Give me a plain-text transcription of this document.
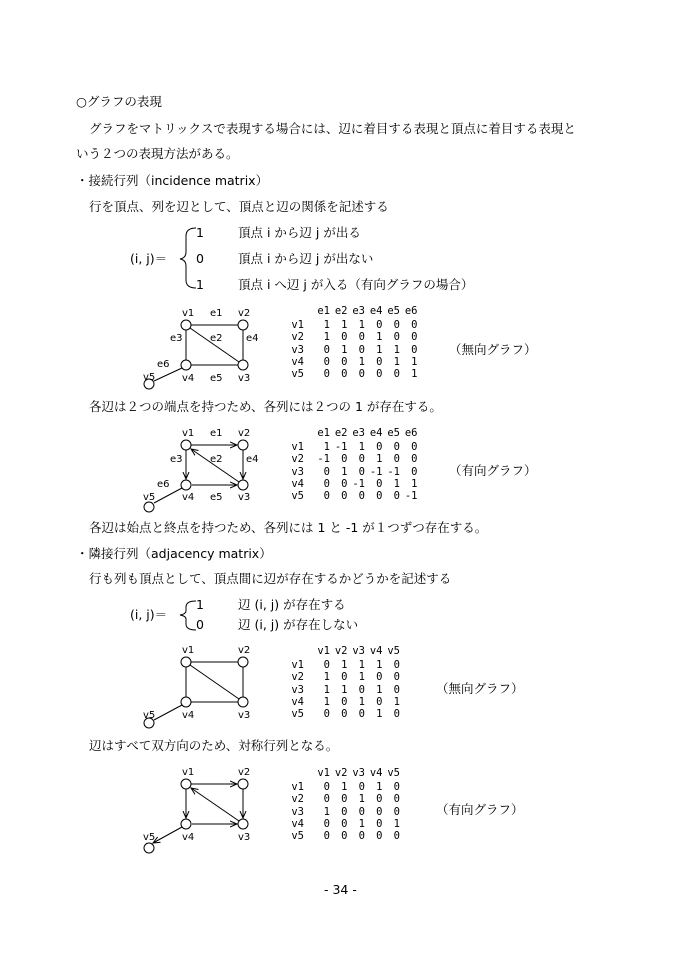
○グラフの表現
グラフをマトリックスで表現する場合には、辺に着目する表現と頂点に着目する表現と
いう２つの表現方法がある。
・接続行列（incidence matrix）
行を頂点、列を辺として、頂点と辺の関係を記述する
(i, j)＝
1	頂点 i から辺 j が出る
0	頂点 i から辺 j が出ない
1	頂点 i へ辺 j が入る（有向グラフの場合）
（無向グラフ）
各辺は２つの端点を持つため、各列には２つの 1 が存在する。
（有向グラフ）
各辺は始点と終点を持つため、各列には 1 と -1 が１つずつ存在する。
・隣接行列（adjacency matrix）
行も列も頂点として、頂点間に辺が存在するかどうかを記述する
(i, j)＝
1	辺 (i, j) が存在する
0	辺 (i, j) が存在しない
（無向グラフ）
辺はすべて双方向のため、対称行列となる。
（有向グラフ）
- 34 -
e1 e2 e3 e4 e5 e6
v1	1	1	1	0	0	0
v2	1	0	0	1	0	0
v3	0	1	0	1	1	0
v4	0	0	1	0	1	1
v5	0	0	0	0	0	1
e1 e2 e3 e4 e5 e6
v1	1 -1	1	0	0	0
v2	-1	0	0	1	0	0
v3	0	1	0 -1 -1	0
v4	0	0 -1	0	1	1
v5	0	0	0	0	0 -1
v1 v2 v3 v4 v5
v1	0	1	1	1	0
v2	1	0	1	0	0
v3	1	1	0	1	0
v4	1	0	1	0	1
v5	0	0	0	1	0
v1 v2 v3 v4 v5
v1	0	1	0	1	0
v2	0	0	1	0	0
v3	1	0	0	0	0
v4	0	0	1	0	1
v5	0	0	0	0	0
v1 e1 v2
e3	e2 e4
e6
v5	v4 e5 v3
v1 e1 v2
e3	e2 e4
e6
v5	v4 e5 v3
v1	v2
v5	v4	v3
v1	v2
v5	v4	v3
